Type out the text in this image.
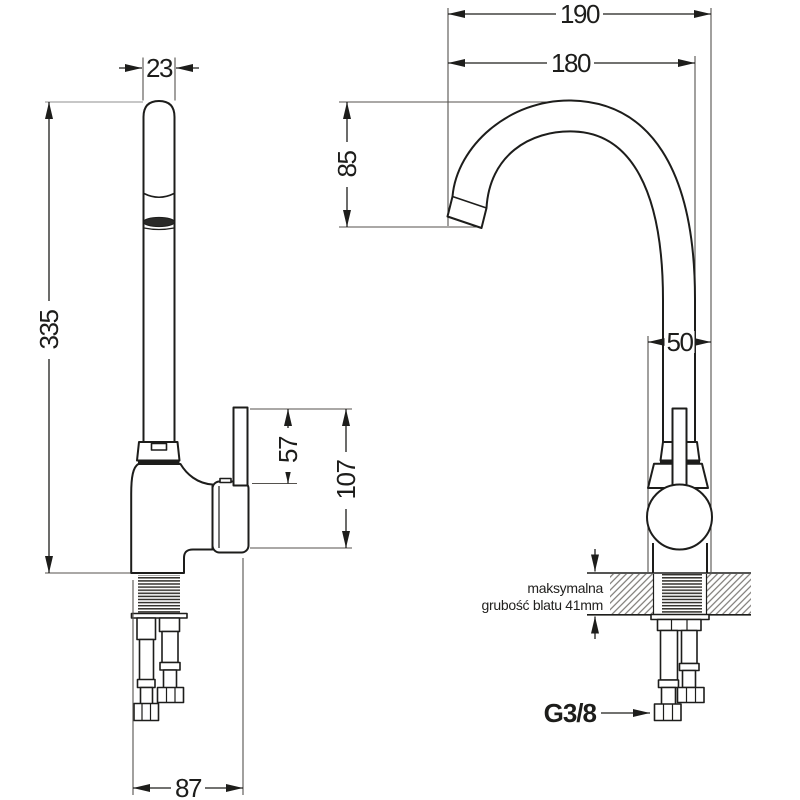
23
335
57
107
87
maksymalna
grubość blatu 41mm
G3/8
190
180
85
50
